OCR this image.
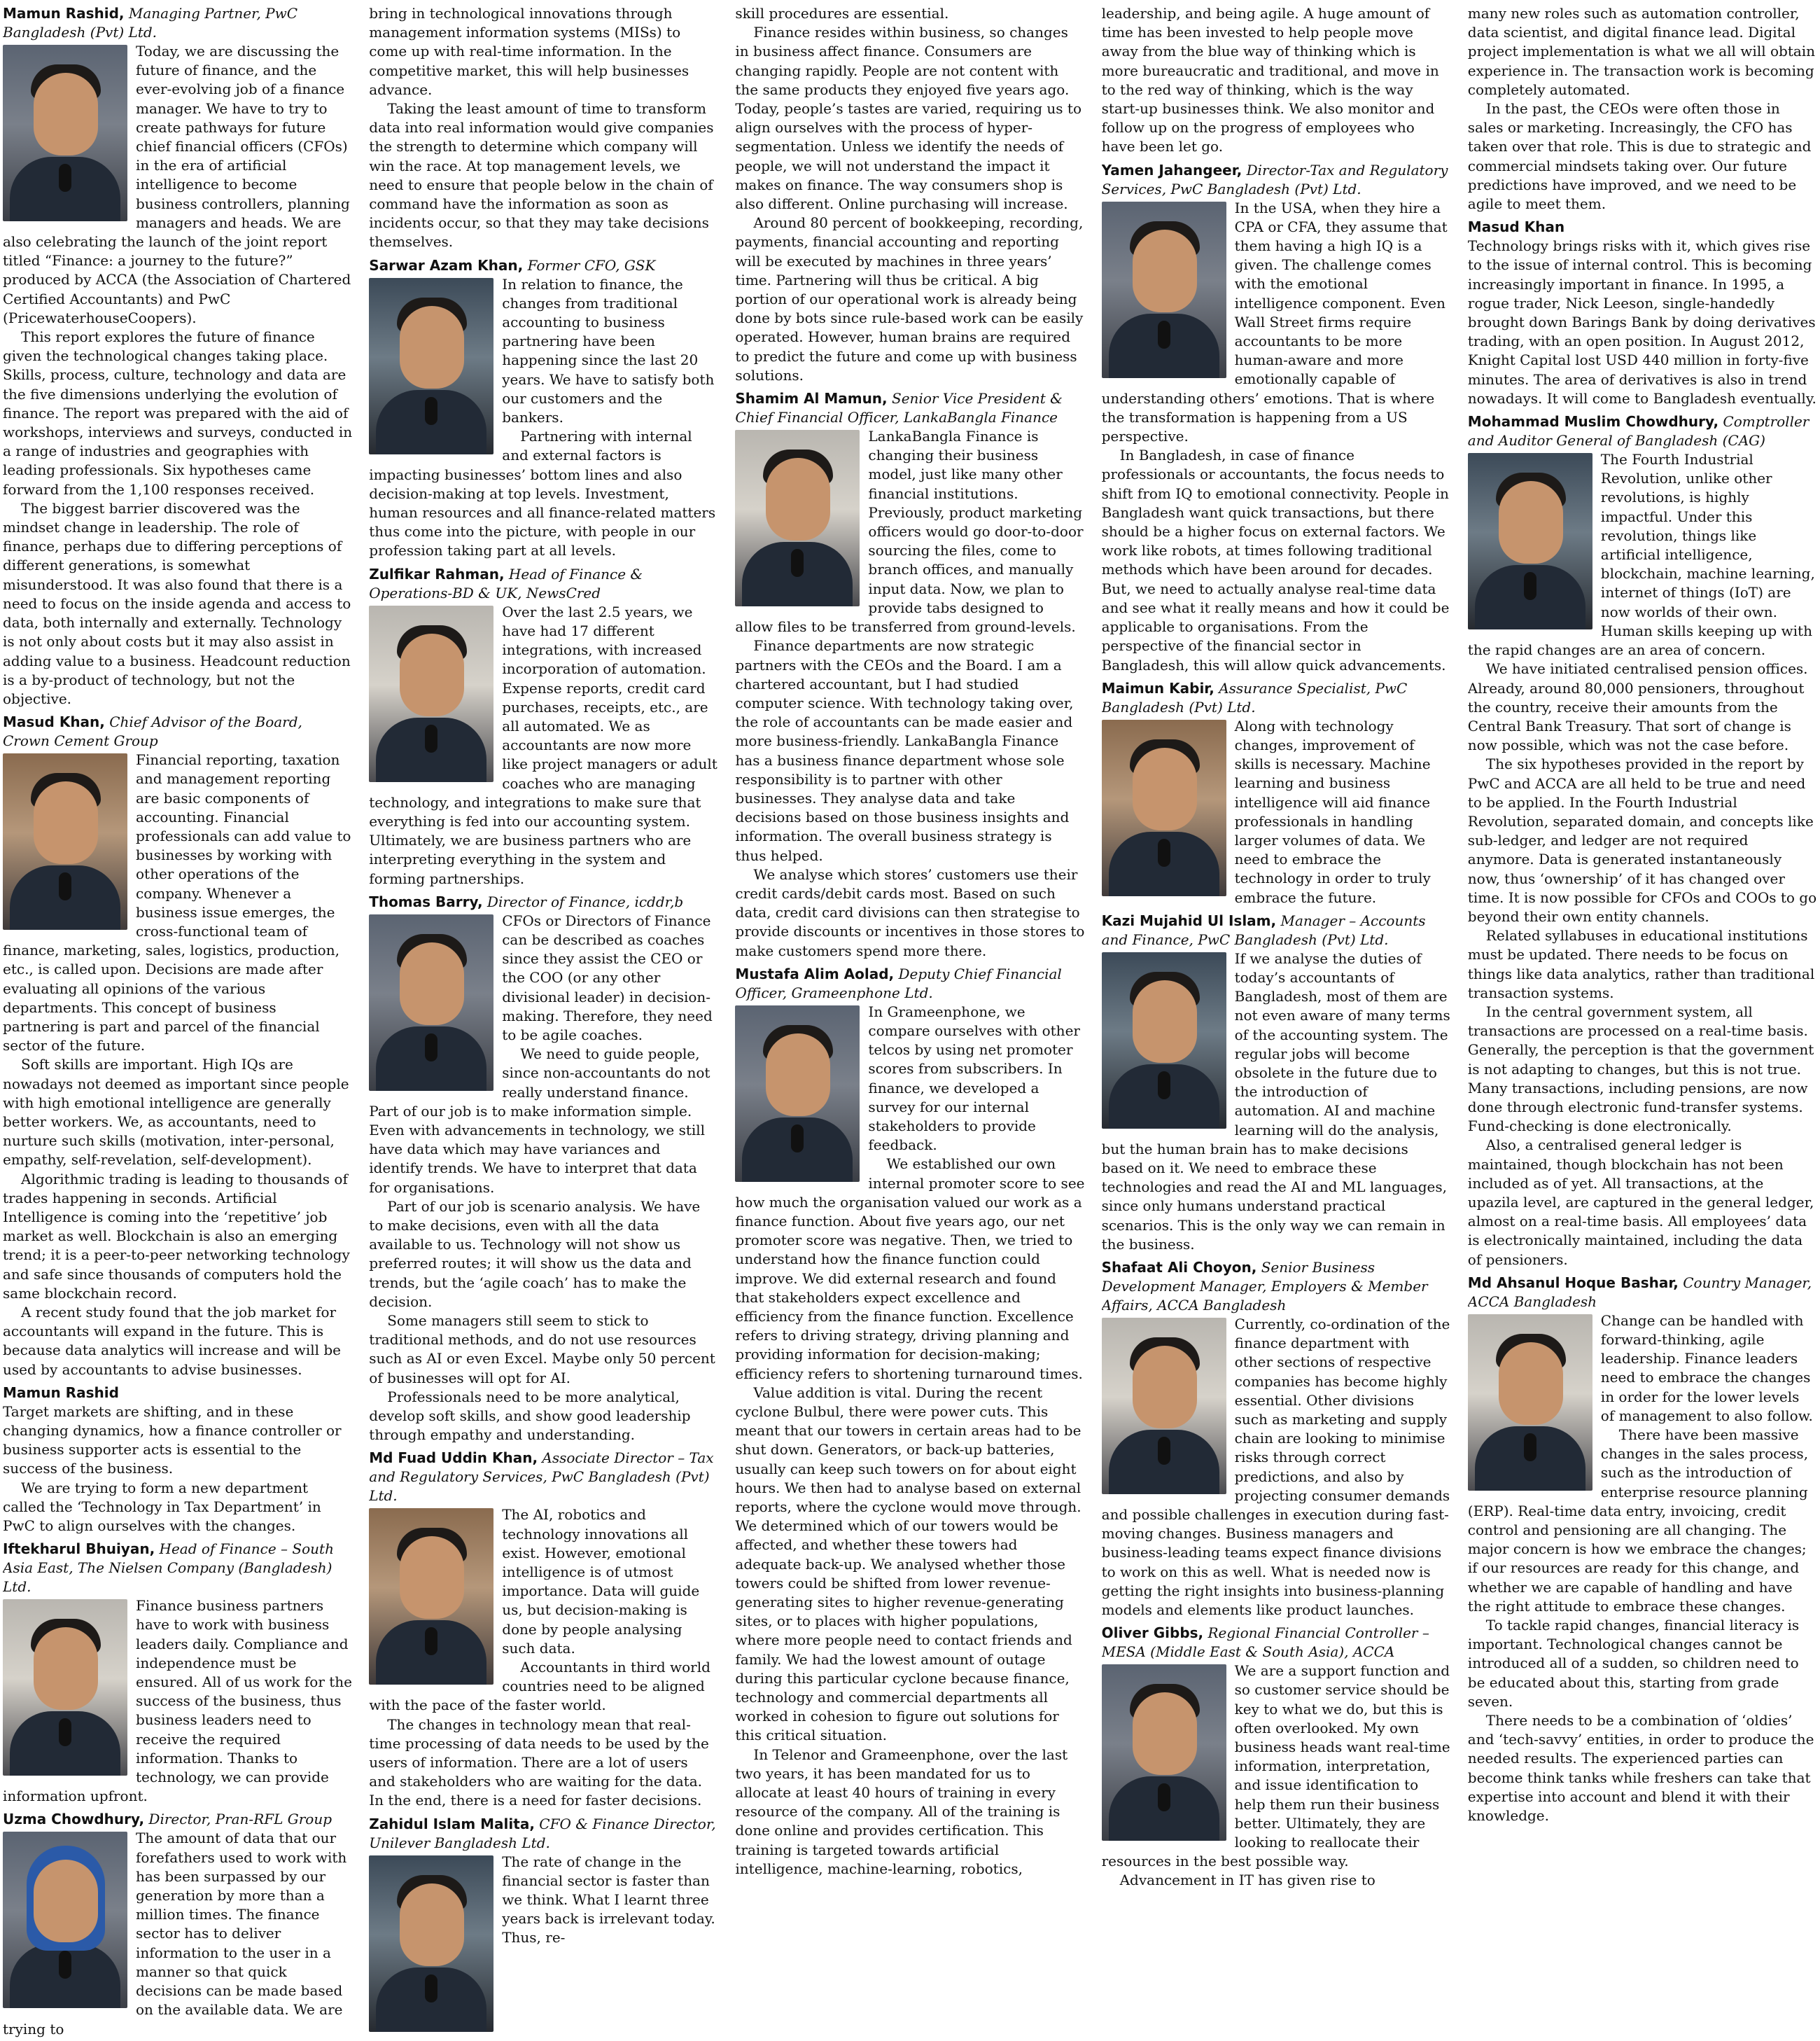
Mamun Rashid, Managing Partner, PwC Bangladesh (Pvt) Ltd.

Today, we are discussing the future of finance, and the ever-evolving job of a finance manager. We have to try to create pathways for future chief financial officers (CFOs) in the era of artificial intelligence to become business controllers, planning managers and heads. We are also celebrating the launch of the joint report titled “Finance: a journey to the future?” produced by ACCA (the Association of Chartered Certified Accountants) and PwC (PricewaterhouseCoopers).

This report explores the future of finance given the technological changes taking place. Skills, process, culture, technology and data are the five dimensions underlying the evolution of finance. The report was prepared with the aid of workshops, interviews and surveys, conducted in a range of industries and geographies with leading professionals. Six hypotheses came forward from the 1,100 responses received.

The biggest barrier discovered was the mindset change in leadership. The role of finance, perhaps due to differing perceptions of different generations, is somewhat misunderstood. It was also found that there is a need to focus on the inside agenda and access to data, both internally and externally. Technology is not only about costs but it may also assist in adding value to a business. Headcount reduction is a by-product of technology, but not the objective.

Masud Khan, Chief Advisor of the Board, Crown Cement Group

Financial reporting, taxation and management reporting are basic components of accounting. Financial professionals can add value to businesses by working with other operations of the company. Whenever a business issue emerges, the cross-functional team of finance, marketing, sales, logistics, production, etc., is called upon. Decisions are made after evaluating all opinions of the various departments. This concept of business partnering is part and parcel of the financial sector of the future.

Soft skills are important. High IQs are nowadays not deemed as important since people with high emotional intelligence are generally better workers. We, as accountants, need to nurture such skills (motivation, inter-personal, empathy, self-revelation, self-development).

Algorithmic trading is leading to thousands of trades happening in seconds. Artificial Intelligence is coming into the ‘repetitive’ job market as well. Blockchain is also an emerging trend; it is a peer-to-peer networking technology and safe since thousands of computers hold the same blockchain record.

A recent study found that the job market for accountants will expand in the future. This is because data analytics will increase and will be used by accountants to advise businesses.

Mamun Rashid

Target markets are shifting, and in these changing dynamics, how a finance controller or business supporter acts is essential to the success of the business.

We are trying to form a new department called the ‘Technology in Tax Department’ in PwC to align ourselves with the changes.

Iftekharul Bhuiyan, Head of Finance – South Asia East, The Nielsen Company (Bangladesh) Ltd.

Finance business partners have to work with business leaders daily. Compliance and independence must be ensured. All of us work for the success of the business, thus business leaders need to receive the required information. Thanks to technology, we can provide information upfront.

Uzma Chowdhury, Director, Pran-RFL Group

The amount of data that our forefathers used to work with has been surpassed by our generation by more than a million times. The finance sector has to deliver information to the user in a manner so that quick decisions can be made based on the available data. We are trying to

bring in technological innovations through management information systems (MISs) to come up with real-time information. In the competitive market, this will help businesses advance.

Taking the least amount of time to transform data into real information would give companies the strength to determine which company will win the race. At top management levels, we need to ensure that people below in the chain of command have the information as soon as incidents occur, so that they may take decisions themselves.

Sarwar Azam Khan, Former CFO, GSK

In relation to finance, the changes from traditional accounting to business partnering have been happening since the last 20 years. We have to satisfy both our customers and the bankers.

Partnering with internal and external factors is impacting businesses’ bottom lines and also decision-making at top levels. Investment, human resources and all finance-related matters thus come into the picture, with people in our profession taking part at all levels.

Zulfikar Rahman, Head of Finance & Operations-BD & UK, NewsCred

Over the last 2.5 years, we have had 17 different integrations, with increased incorporation of automation. Expense reports, credit card purchases, receipts, etc., are all automated. We as accountants are now more like project managers or adult coaches who are managing technology, and integrations to make sure that everything is fed into our accounting system. Ultimately, we are business partners who are interpreting everything in the system and forming partnerships.

Thomas Barry, Director of Finance, icddr,b

CFOs or Directors of Finance can be described as coaches since they assist the CEO or the COO (or any other divisional leader) in decision-making. Therefore, they need to be agile coaches.

We need to guide people, since non-accountants do not really understand finance. Part of our job is to make information simple. Even with advancements in technology, we still have data which may have variances and identify trends. We have to interpret that data for organisations.

Part of our job is scenario analysis. We have to make decisions, even with all the data available to us. Technology will not show us preferred routes; it will show us the data and trends, but the ‘agile coach’ has to make the decision.

Some managers still seem to stick to traditional methods, and do not use resources such as AI or even Excel. Maybe only 50 percent of businesses will opt for AI.

Professionals need to be more analytical, develop soft skills, and show good leadership through empathy and understanding.

Md Fuad Uddin Khan, Associate Director – Tax and Regulatory Services, PwC Bangladesh (Pvt) Ltd.

The AI, robotics and technology innovations all exist. However, emotional intelligence is of utmost importance. Data will guide us, but decision-making is done by people analysing such data.

Accountants in third world countries need to be aligned with the pace of the faster world.

The changes in technology mean that real-time processing of data needs to be used by the users of information. There are a lot of users and stakeholders who are waiting for the data. In the end, there is a need for faster decisions.

Zahidul Islam Malita, CFO & Finance Director, Unilever Bangladesh Ltd.

The rate of change in the financial sector is faster than we think. What I learnt three years back is irrelevant today. Thus, re-

skill procedures are essential.

Finance resides within business, so changes in business affect finance. Consumers are changing rapidly. People are not content with the same products they enjoyed five years ago. Today, people’s tastes are varied, requiring us to align ourselves with the process of hyper-segmentation. Unless we identify the needs of people, we will not understand the impact it makes on finance. The way consumers shop is also different. Online purchasing will increase.

Around 80 percent of bookkeeping, recording, payments, financial accounting and reporting will be executed by machines in three years’ time. Partnering will thus be critical. A big portion of our operational work is already being done by bots since rule-based work can be easily operated. However, human brains are required to predict the future and come up with business solutions.

Shamim Al Mamun, Senior Vice President & Chief Financial Officer, LankaBangla Finance

LankaBangla Finance is changing their business model, just like many other financial institutions. Previously, product marketing officers would go door-to-door sourcing the files, come to branch offices, and manually input data. Now, we plan to provide tabs designed to allow files to be transferred from ground-levels.

Finance departments are now strategic partners with the CEOs and the Board. I am a chartered accountant, but I had studied computer science. With technology taking over, the role of accountants can be made easier and more business-friendly. LankaBangla Finance has a business finance department whose sole responsibility is to partner with other businesses. They analyse data and take decisions based on those business insights and information. The overall business strategy is thus helped.

We analyse which stores’ customers use their credit cards/debit cards most. Based on such data, credit card divisions can then strategise to provide discounts or incentives in those stores to make customers spend more there.

Mustafa Alim Aolad, Deputy Chief Financial Officer, Grameenphone Ltd.

In Grameenphone, we compare ourselves with other telcos by using net promoter scores from subscribers. In finance, we developed a survey for our internal stakeholders to provide feedback.

We established our own internal promoter score to see how much the organisation valued our work as a finance function. About five years ago, our net promoter score was negative. Then, we tried to understand how the finance function could improve. We did external research and found that stakeholders expect excellence and efficiency from the finance function. Excellence refers to driving strategy, driving planning and providing information for decision-making; efficiency refers to shortening turnaround times.

Value addition is vital. During the recent cyclone Bulbul, there were power cuts. This meant that our towers in certain areas had to be shut down. Generators, or back-up batteries, usually can keep such towers on for about eight hours. We then had to analyse based on external reports, where the cyclone would move through. We determined which of our towers would be affected, and whether these towers had adequate back-up. We analysed whether those towers could be shifted from lower revenue-generating sites to higher revenue-generating sites, or to places with higher populations, where more people need to contact friends and family. We had the lowest amount of outage during this particular cyclone because finance, technology and commercial departments all worked in cohesion to figure out solutions for this critical situation.

In Telenor and Grameenphone, over the last two years, it has been mandated for us to allocate at least 40 hours of training in every resource of the company. All of the training is done online and provides certification. This training is targeted towards artificial intelligence, machine-learning, robotics,

leadership, and being agile. A huge amount of time has been invested to help people move away from the blue way of thinking which is more bureaucratic and traditional, and move in to the red way of thinking, which is the way start-up businesses think. We also monitor and follow up on the progress of employees who have been let go.

Yamen Jahangeer, Director-Tax and Regulatory Services, PwC Bangladesh (Pvt) Ltd.

In the USA, when they hire a CPA or CFA, they assume that them having a high IQ is a given. The challenge comes with the emotional intelligence component. Even Wall Street firms require accountants to be more human-aware and more emotionally capable of understanding others’ emotions. That is where the transformation is happening from a US perspective.

In Bangladesh, in case of finance professionals or accountants, the focus needs to shift from IQ to emotional connectivity. People in Bangladesh want quick transactions, but there should be a higher focus on external factors. We work like robots, at times following traditional methods which have been around for decades. But, we need to actually analyse real-time data and see what it really means and how it could be applicable to organisations. From the perspective of the financial sector in Bangladesh, this will allow quick advancements.

Maimun Kabir, Assurance Specialist, PwC Bangladesh (Pvt) Ltd.

Along with technology changes, improvement of skills is necessary. Machine learning and business intelligence will aid finance professionals in handling larger volumes of data. We need to embrace the technology in order to truly embrace the future.

Kazi Mujahid Ul Islam, Manager – Accounts and Finance, PwC Bangladesh (Pvt) Ltd.

If we analyse the duties of today’s accountants of Bangladesh, most of them are not even aware of many terms of the accounting system. The regular jobs will become obsolete in the future due to the introduction of automation. AI and machine learning will do the analysis, but the human brain has to make decisions based on it. We need to embrace these technologies and read the AI and ML languages, since only humans understand practical scenarios. This is the only way we can remain in the business.

Shafaat Ali Choyon, Senior Business Development Manager, Employers & Member Affairs, ACCA Bangladesh

Currently, co-ordination of the finance department with other sections of respective companies has become highly essential. Other divisions such as marketing and supply chain are looking to minimise risks through correct predictions, and also by projecting consumer demands and possible challenges in execution during fast-moving changes. Business managers and business-leading teams expect finance divisions to work on this as well. What is needed now is getting the right insights into business-planning models and elements like product launches.

Oliver Gibbs, Regional Financial Controller – MESA (Middle East & South Asia), ACCA

We are a support function and so customer service should be key to what we do, but this is often overlooked. My own business heads want real-time information, interpretation, and issue identification to help them run their business better. Ultimately, they are looking to reallocate their resources in the best possible way.

Advancement in IT has given rise to

many new roles such as automation controller, data scientist, and digital finance lead. Digital project implementation is what we all will obtain experience in. The transaction work is becoming completely automated.

In the past, the CEOs were often those in sales or marketing. Increasingly, the CFO has taken over that role. This is due to strategic and commercial mindsets taking over. Our future predictions have improved, and we need to be agile to meet them.

Masud Khan

Technology brings risks with it, which gives rise to the issue of internal control. This is becoming increasingly important in finance. In 1995, a rogue trader, Nick Leeson, single-handedly brought down Barings Bank by doing derivatives trading, with an open position. In August 2012, Knight Capital lost USD 440 million in forty-five minutes. The area of derivatives is also in trend nowadays. It will come to Bangladesh eventually.

Mohammad Muslim Chowdhury, Comptroller and Auditor General of Bangladesh (CAG)

The Fourth Industrial Revolution, unlike other revolutions, is highly impactful. Under this revolution, things like artificial intelligence, blockchain, machine learning, internet of things (IoT) are now worlds of their own. Human skills keeping up with the rapid changes are an area of concern.

We have initiated centralised pension offices. Already, around 80,000 pensioners, throughout the country, receive their amounts from the Central Bank Treasury. That sort of change is now possible, which was not the case before.

The six hypotheses provided in the report by PwC and ACCA are all held to be true and need to be applied. In the Fourth Industrial Revolution, separated domain, and concepts like sub-ledger, and ledger are not required anymore. Data is generated instantaneously now, thus ‘ownership’ of it has changed over time. It is now possible for CFOs and COOs to go beyond their own entity channels.

Related syllabuses in educational institutions must be updated. There needs to be focus on things like data analytics, rather than traditional transaction systems.

In the central government system, all transactions are processed on a real-time basis. Generally, the perception is that the government is not adapting to changes, but this is not true. Many transactions, including pensions, are now done through electronic fund-transfer systems. Fund-checking is done electronically.

Also, a centralised general ledger is maintained, though blockchain has not been included as of yet. All transactions, at the upazila level, are captured in the general ledger, almost on a real-time basis. All employees’ data is electronically maintained, including the data of pensioners.

Md Ahsanul Hoque Bashar, Country Manager, ACCA Bangladesh

Change can be handled with forward-thinking, agile leadership. Finance leaders need to embrace the changes in order for the lower levels of management to also follow.

There have been massive changes in the sales process, such as the introduction of enterprise resource planning (ERP). Real-time data entry, invoicing, credit control and pensioning are all changing. The major concern is how we embrace the changes; if our resources are ready for this change, and whether we are capable of handling and have the right attitude to embrace these changes.

To tackle rapid changes, financial literacy is important. Technological changes cannot be introduced all of a sudden, so children need to be educated about this, starting from grade seven.

There needs to be a combination of ‘oldies’ and ‘tech-savvy’ entities, in order to produce the needed results. The experienced parties can become think tanks while freshers can take that expertise into account and blend it with their knowledge.
